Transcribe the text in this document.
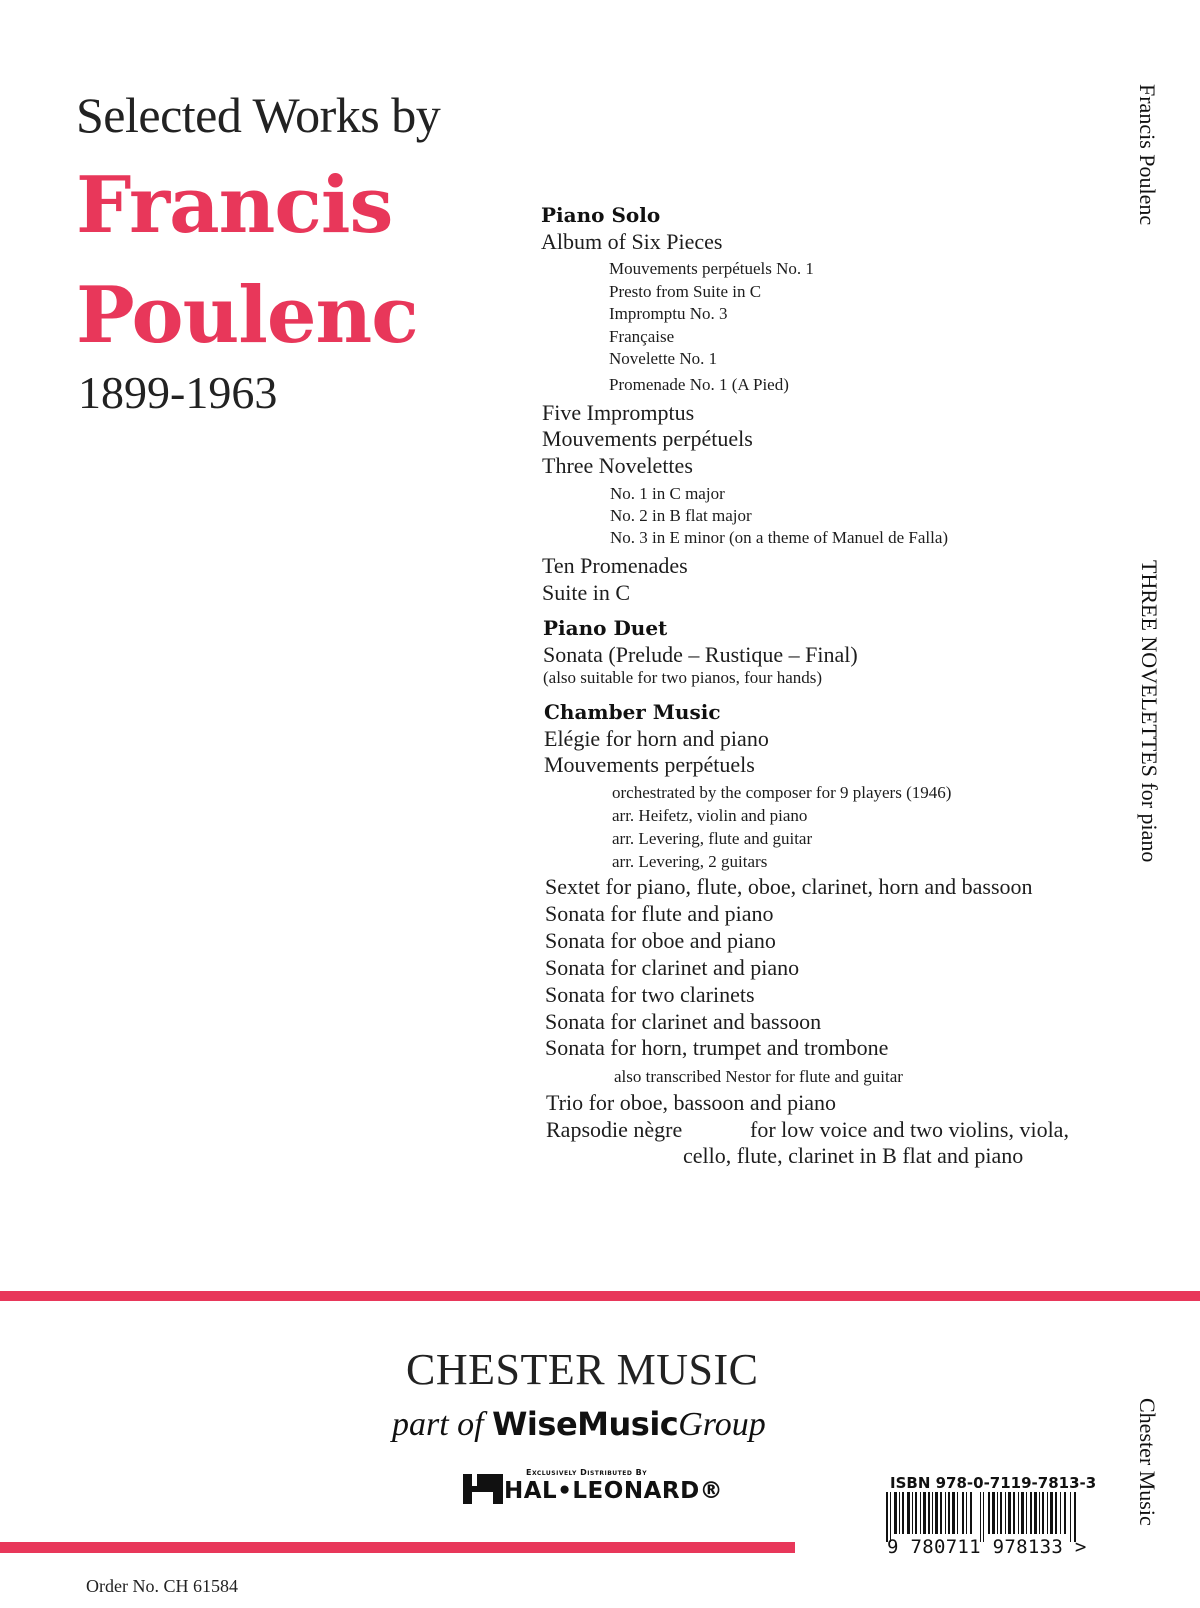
Selected Works by
Francis
Poulenc
1899-1963
Piano Solo
Album of Six Pieces
Mouvements perpétuels No. 1
Presto from Suite in C
Impromptu No. 3
Française
Novelette No. 1
Promenade No. 1 (A Pied)
Five Impromptus
Mouvements perpétuels
Three Novelettes
No. 1 in C major
No. 2 in B flat major
No. 3 in E minor (on a theme of Manuel de Falla)
Ten Promenades
Suite in C
Piano Duet
Sonata (Prelude – Rustique – Final)
(also suitable for two pianos, four hands)
Chamber Music
Elégie for horn and piano
Mouvements perpétuels
orchestrated by the composer for 9 players (1946)
arr. Heifetz, violin and piano
arr. Levering, flute and guitar
arr. Levering, 2 guitars
Sextet for piano, flute, oboe, clarinet, horn and bassoon
Sonata for flute and piano
Sonata for oboe and piano
Sonata for clarinet and piano
Sonata for two clarinets
Sonata for clarinet and bassoon
Sonata for horn, trumpet and trombone
also transcribed Nestor for flute and guitar
Trio for oboe, bassoon and piano
Rapsodie nègre	for low voice and two violins, viola,
cello, flute, clarinet in B flat and piano
Francis Poulenc
THREE NOVELETTES for piano
Chester Music
CHESTER MUSIC
part of WiseMusicGroup
Exclusively Distributed By
HAL•LEONARD®	ISBN 978-0-7119-7813-3
9 780711 978133 >
Order No. CH 61584
